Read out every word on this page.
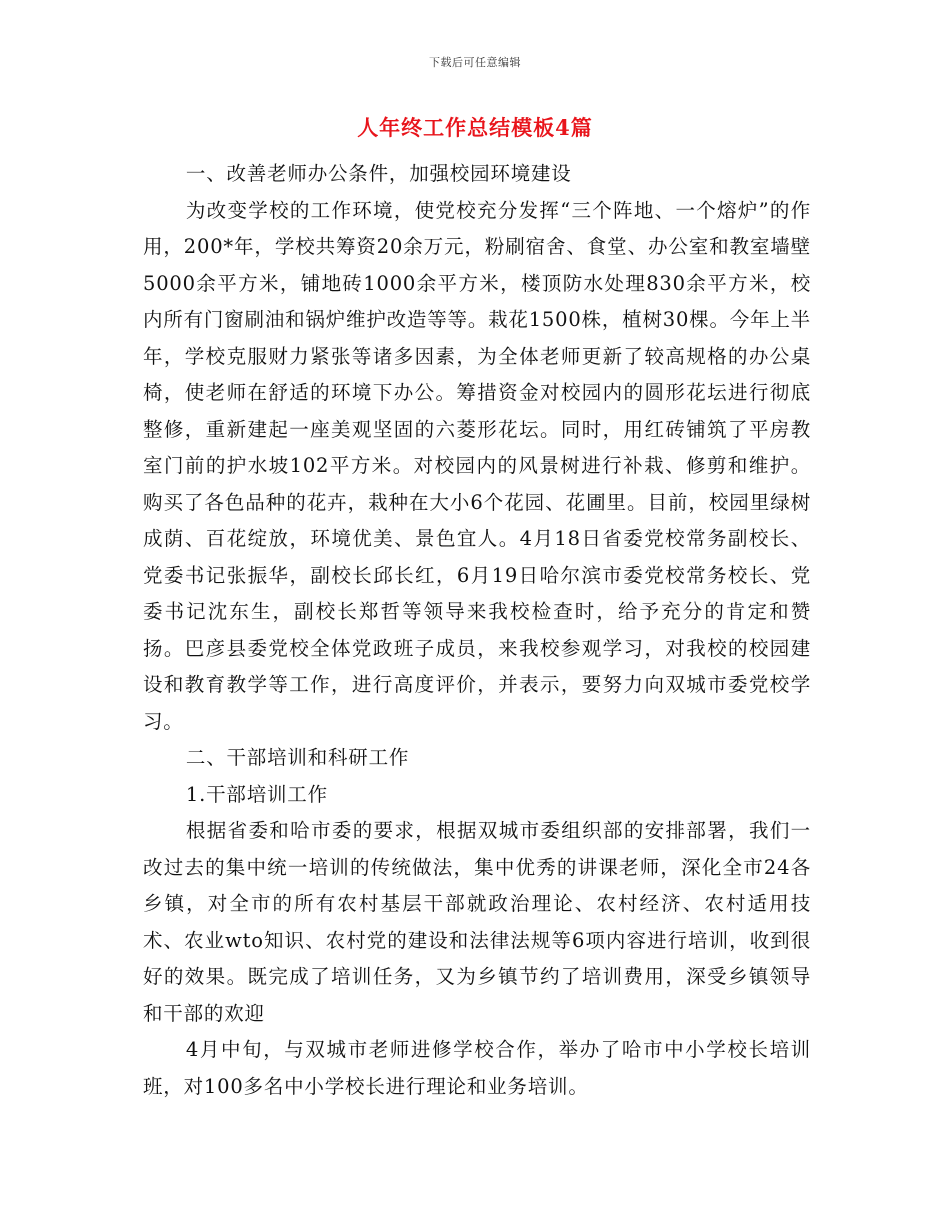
下载后可任意编辑
人年终工作总结模板4篇

一、改善老师办公条件，加强校园环境建设

为改变学校的工作环境，使党校充分发挥“三个阵地、一个熔炉”的作用，200*年，学校共筹资20余万元，粉刷宿舍、食堂、办公室和教室墙壁5000余平方米，铺地砖1000余平方米，楼顶防水处理830余平方米，校内所有门窗刷油和锅炉维护改造等等。栽花1500株，植树30棵。今年上半年，学校克服财力紧张等诸多因素，为全体老师更新了较高规格的办公桌椅，使老师在舒适的环境下办公。筹措资金对校园内的圆形花坛进行彻底整修，重新建起一座美观坚固的六菱形花坛。同时，用红砖铺筑了平房教室门前的护水坡102平方米。对校园内的风景树进行补栽、修剪和维护。购买了各色品种的花卉，栽种在大小6个花园、花圃里。目前，校园里绿树成荫、百花绽放，环境优美、景色宜人。4月18日省委党校常务副校长、党委书记张振华，副校长邱长红，6月19日哈尔滨市委党校常务校长、党委书记沈东生，副校长郑哲等领导来我校检查时，给予充分的肯定和赞扬。巴彦县委党校全体党政班子成员，来我校参观学习，对我校的校园建设和教育教学等工作，进行高度评价，并表示，要努力向双城市委党校学习。

二、干部培训和科研工作

1.干部培训工作

根据省委和哈市委的要求，根据双城市委组织部的安排部署，我们一改过去的集中统一培训的传统做法，集中优秀的讲课老师，深化全市24各乡镇，对全市的所有农村基层干部就政治理论、农村经济、农村适用技术、农业wto知识、农村党的建设和法律法规等6项内容进行培训，收到很好的效果。既完成了培训任务，又为乡镇节约了培训费用，深受乡镇领导和干部的欢迎

4月中旬，与双城市老师进修学校合作，举办了哈市中小学校长培训班，对100多名中小学校长进行理论和业务培训。
